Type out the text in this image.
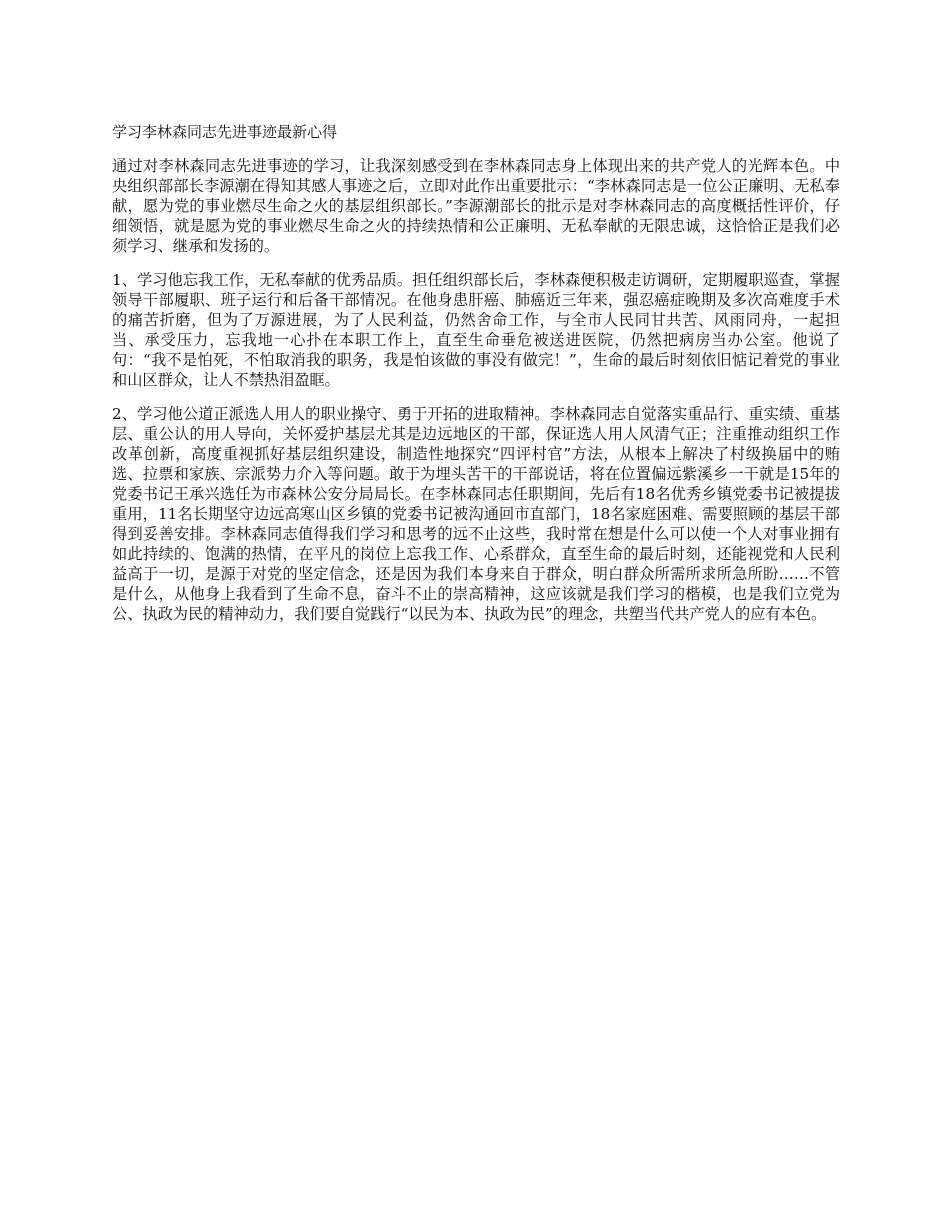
学习李林森同志先进事迹最新心得

通过对李林森同志先进事迹的学习，让我深刻感受到在李林森同志身上体现出来的共产党人的光辉本色。中央组织部部长李源潮在得知其感人事迹之后，立即对此作出重要批示：“李林森同志是一位公正廉明、无私奉献，愿为党的事业燃尽生命之火的基层组织部长。”李源潮部长的批示是对李林森同志的高度概括性评价，仔细领悟，就是愿为党的事业燃尽生命之火的持续热情和公正廉明、无私奉献的无限忠诚，这恰恰正是我们必须学习、继承和发扬的。

1、学习他忘我工作，无私奉献的优秀品质。担任组织部长后，李林森便积极走访调研，定期履职巡查，掌握领导干部履职、班子运行和后备干部情况。在他身患肝癌、肺癌近三年来，强忍癌症晚期及多次高难度手术的痛苦折磨，但为了万源进展，为了人民利益，仍然舍命工作，与全市人民同甘共苦、风雨同舟，一起担当、承受压力，忘我地一心扑在本职工作上，直至生命垂危被送进医院，仍然把病房当办公室。他说了句：“我不是怕死，不怕取消我的职务，我是怕该做的事没有做完！”，生命的最后时刻依旧惦记着党的事业和山区群众，让人不禁热泪盈眶。

2、学习他公道正派选人用人的职业操守、勇于开拓的进取精神。李林森同志自觉落实重品行、重实绩、重基层、重公认的用人导向，关怀爱护基层尤其是边远地区的干部，保证选人用人风清气正；注重推动组织工作改革创新，高度重视抓好基层组织建设，制造性地探究“四评村官”方法，从根本上解决了村级换届中的贿选、拉票和家族、宗派势力介入等问题。敢于为埋头苦干的干部说话，将在位置偏远紫溪乡一干就是15年的党委书记王承兴选任为市森林公安分局局长。在李林森同志任职期间，先后有18名优秀乡镇党委书记被提拔重用，11名长期坚守边远高寒山区乡镇的党委书记被沟通回市直部门，18名家庭困难、需要照顾的基层干部得到妥善安排。李林森同志值得我们学习和思考的远不止这些，我时常在想是什么可以使一个人对事业拥有如此持续的、饱满的热情，在平凡的岗位上忘我工作、心系群众，直至生命的最后时刻，还能视党和人民利益高于一切，是源于对党的坚定信念，还是因为我们本身来自于群众，明白群众所需所求所急所盼……不管是什么，从他身上我看到了生命不息，奋斗不止的崇高精神，这应该就是我们学习的楷模，也是我们立党为公、执政为民的精神动力，我们要自觉践行“以民为本、执政为民”的理念，共塑当代共产党人的应有本色。
